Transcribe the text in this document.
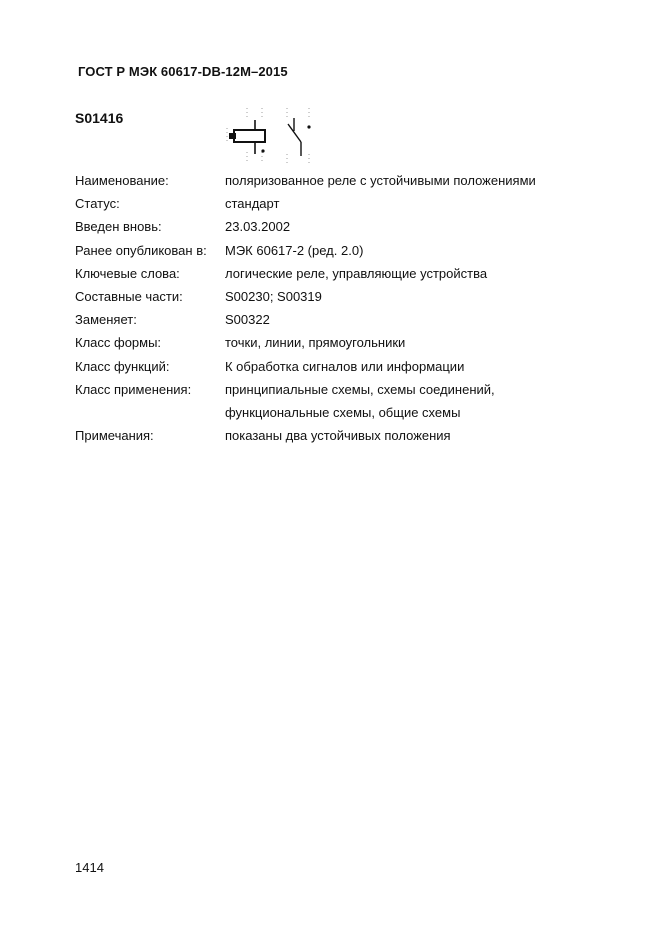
ГОСТ Р МЭК 60617-DB-12M–2015
S01416
Наименование:	поляризованное реле с устойчивыми положениями
Статус:	стандарт
Введен вновь:	23.03.2002
Ранее опубликован в: МЭК 60617-2 (ред. 2.0)
Ключевые слова:	логические реле, управляющие устройства
Составные части:	S00230; S00319
Заменяет:	S00322
Класс формы:	точки, линии, прямоугольники
Класс функций:	К обработка сигналов или информации
Класс применения:	принципиальные схемы, схемы соединений,
функциональные схемы, общие схемы
Примечания:	показаны два устойчивых положения
1414
